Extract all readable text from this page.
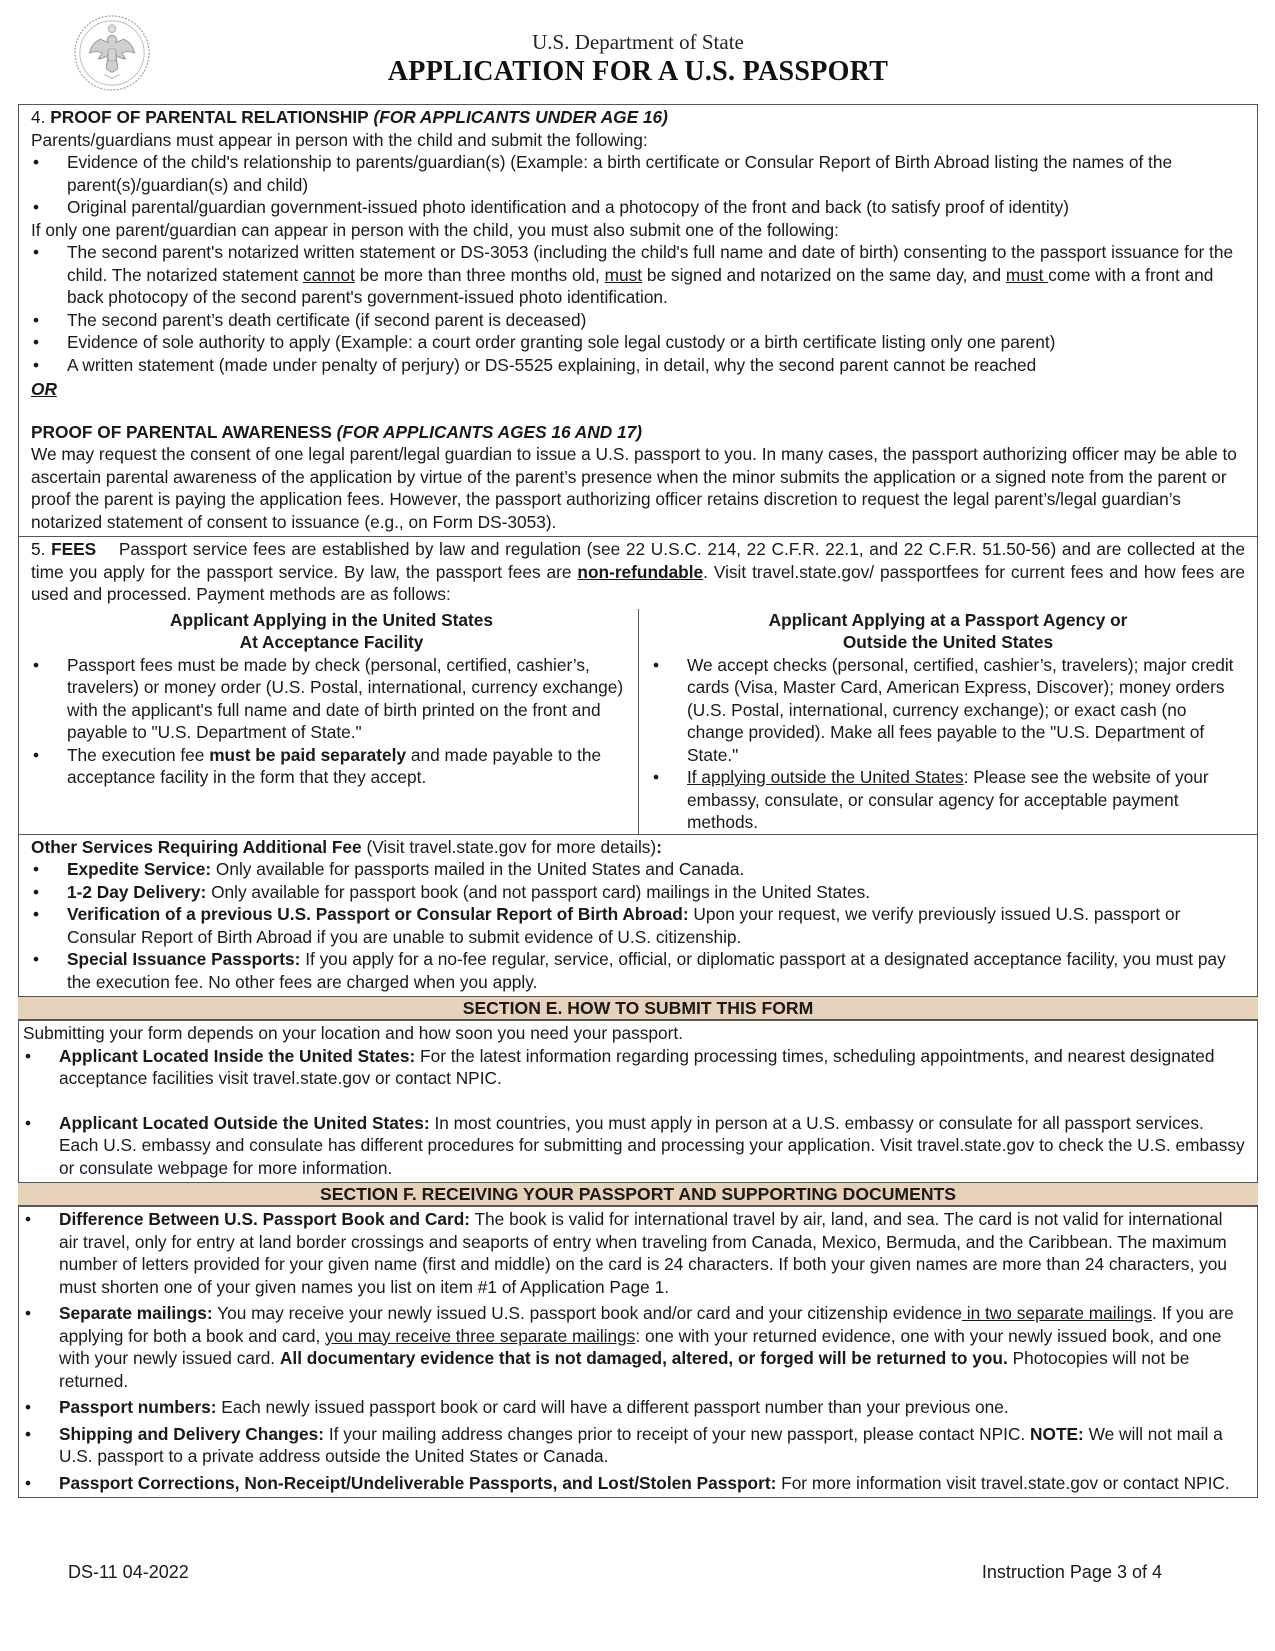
U.S. Department of State
APPLICATION FOR A U.S. PASSPORT
4. PROOF OF PARENTAL RELATIONSHIP (FOR APPLICANTS UNDER AGE 16)
Parents/guardians must appear in person with the child and submit the following:
• Evidence of the child's relationship to parents/guardian(s) (Example: a birth certificate or Consular Report of Birth Abroad listing the names of the parent(s)/guardian(s) and child)
• Original parental/guardian government-issued photo identification and a photocopy of the front and back (to satisfy proof of identity)
If only one parent/guardian can appear in person with the child, you must also submit one of the following:
• The second parent's notarized written statement or DS-3053 (including the child's full name and date of birth) consenting to the passport issuance for the child. The notarized statement cannot be more than three months old, must be signed and notarized on the same day, and must come with a front and back photocopy of the second parent's government-issued photo identification.
• The second parent’s death certificate (if second parent is deceased)
• Evidence of sole authority to apply (Example: a court order granting sole legal custody or a birth certificate listing only one parent)
• A written statement (made under penalty of perjury) or DS-5525 explaining, in detail, why the second parent cannot be reached
OR
PROOF OF PARENTAL AWARENESS (FOR APPLICANTS AGES 16 AND 17)
We may request the consent of one legal parent/legal guardian to issue a U.S. passport to you. In many cases, the passport authorizing officer may be able to ascertain parental awareness of the application by virtue of the parent’s presence when the minor submits the application or a signed note from the parent or proof the parent is paying the application fees. However, the passport authorizing officer retains discretion to request the legal parent’s/legal guardian’s notarized statement of consent to issuance (e.g., on Form DS-3053).
5. FEES Passport service fees are established by law and regulation (see 22 U.S.C. 214, 22 C.F.R. 22.1, and 22 C.F.R. 51.50-56) and are collected at the time you apply for the passport service. By law, the passport fees are non-refundable. Visit travel.state.gov/ passportfees for current fees and how fees are used and processed. Payment methods are as follows:
Applicant Applying in the United States
At Acceptance Facility
• Passport fees must be made by check (personal, certified, cashier’s, travelers) or money order (U.S. Postal, international, currency exchange) with the applicant's full name and date of birth printed on the front and payable to "U.S. Department of State."
• The execution fee must be paid separately and made payable to the acceptance facility in the form that they accept.
Applicant Applying at a Passport Agency or
Outside the United States
• We accept checks (personal, certified, cashier’s, travelers); major credit cards (Visa, Master Card, American Express, Discover); money orders (U.S. Postal, international, currency exchange); or exact cash (no change provided). Make all fees payable to the "U.S. Department of State."
• If applying outside the United States: Please see the website of your embassy, consulate, or consular agency for acceptable payment methods.
Other Services Requiring Additional Fee (Visit travel.state.gov for more details):
• Expedite Service: Only available for passports mailed in the United States and Canada.
• 1-2 Day Delivery: Only available for passport book (and not passport card) mailings in the United States.
• Verification of a previous U.S. Passport or Consular Report of Birth Abroad: Upon your request, we verify previously issued U.S. passport or Consular Report of Birth Abroad if you are unable to submit evidence of U.S. citizenship.
• Special Issuance Passports: If you apply for a no-fee regular, service, official, or diplomatic passport at a designated acceptance facility, you must pay the execution fee. No other fees are charged when you apply.
SECTION E. HOW TO SUBMIT THIS FORM
Submitting your form depends on your location and how soon you need your passport.
• Applicant Located Inside the United States: For the latest information regarding processing times, scheduling appointments, and nearest designated acceptance facilities visit travel.state.gov or contact NPIC.
• Applicant Located Outside the United States: In most countries, you must apply in person at a U.S. embassy or consulate for all passport services. Each U.S. embassy and consulate has different procedures for submitting and processing your application. Visit travel.state.gov to check the U.S. embassy or consulate webpage for more information.
SECTION F. RECEIVING YOUR PASSPORT AND SUPPORTING DOCUMENTS
• Difference Between U.S. Passport Book and Card: The book is valid for international travel by air, land, and sea. The card is not valid for international air travel, only for entry at land border crossings and seaports of entry when traveling from Canada, Mexico, Bermuda, and the Caribbean. The maximum number of letters provided for your given name (first and middle) on the card is 24 characters. If both your given names are more than 24 characters, you must shorten one of your given names you list on item #1 of Application Page 1.
• Separate mailings: You may receive your newly issued U.S. passport book and/or card and your citizenship evidence in two separate mailings. If you are applying for both a book and card, you may receive three separate mailings: one with your returned evidence, one with your newly issued book, and one with your newly issued card. All documentary evidence that is not damaged, altered, or forged will be returned to you. Photocopies will not be returned.
• Passport numbers: Each newly issued passport book or card will have a different passport number than your previous one.
• Shipping and Delivery Changes: If your mailing address changes prior to receipt of your new passport, please contact NPIC. NOTE: We will not mail a U.S. passport to a private address outside the United States or Canada.
• Passport Corrections, Non-Receipt/Undeliverable Passports, and Lost/Stolen Passport: For more information visit travel.state.gov or contact NPIC.
DS-11 04-2022	Instruction Page 3 of 4
